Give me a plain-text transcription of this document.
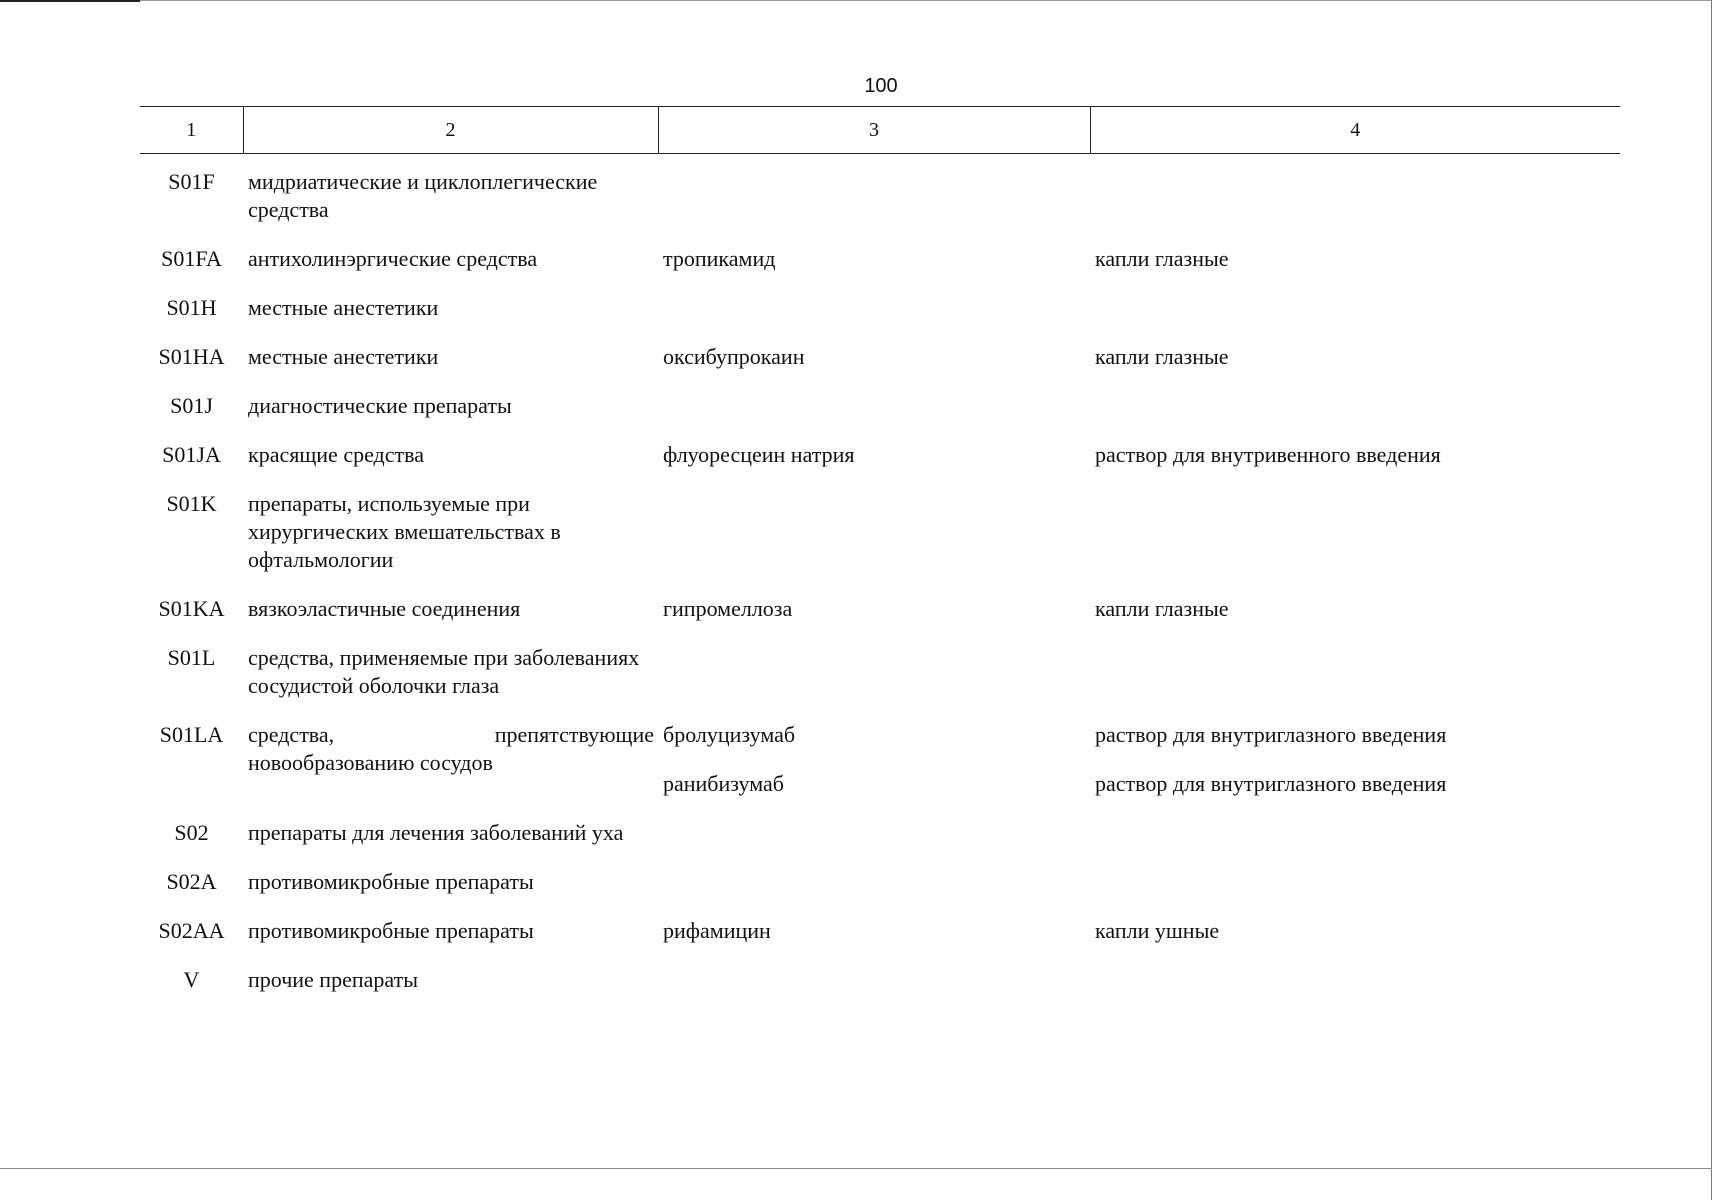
100
1	2	3	4
S01F	мидриатические и циклоплегические средства		
S01FA	антихолинэргические средства	тропикамид	капли глазные
S01H	местные анестетики		
S01HA	местные анестетики	оксибупрокаин	капли глазные
S01J	диагностические препараты		
S01JA	красящие средства	флуоресцеин натрия	раствор для внутривенного введения
S01K	препараты, используемые при хирургических вмешательствах в офтальмологии		
S01KA	вязкоэластичные соединения	гипромеллоза	капли глазные
S01L	средства, применяемые при заболеваниях сосудистой оболочки глаза		
S01LA	средства, препятствующие новообразованию сосудов	бролуцизумаб	раствор для внутриглазного введения
		ранибизумаб	раствор для внутриглазного введения
S02	препараты для лечения заболеваний уха		
S02A	противомикробные препараты		
S02AA	противомикробные препараты	рифамицин	капли ушные
V	прочие препараты		
